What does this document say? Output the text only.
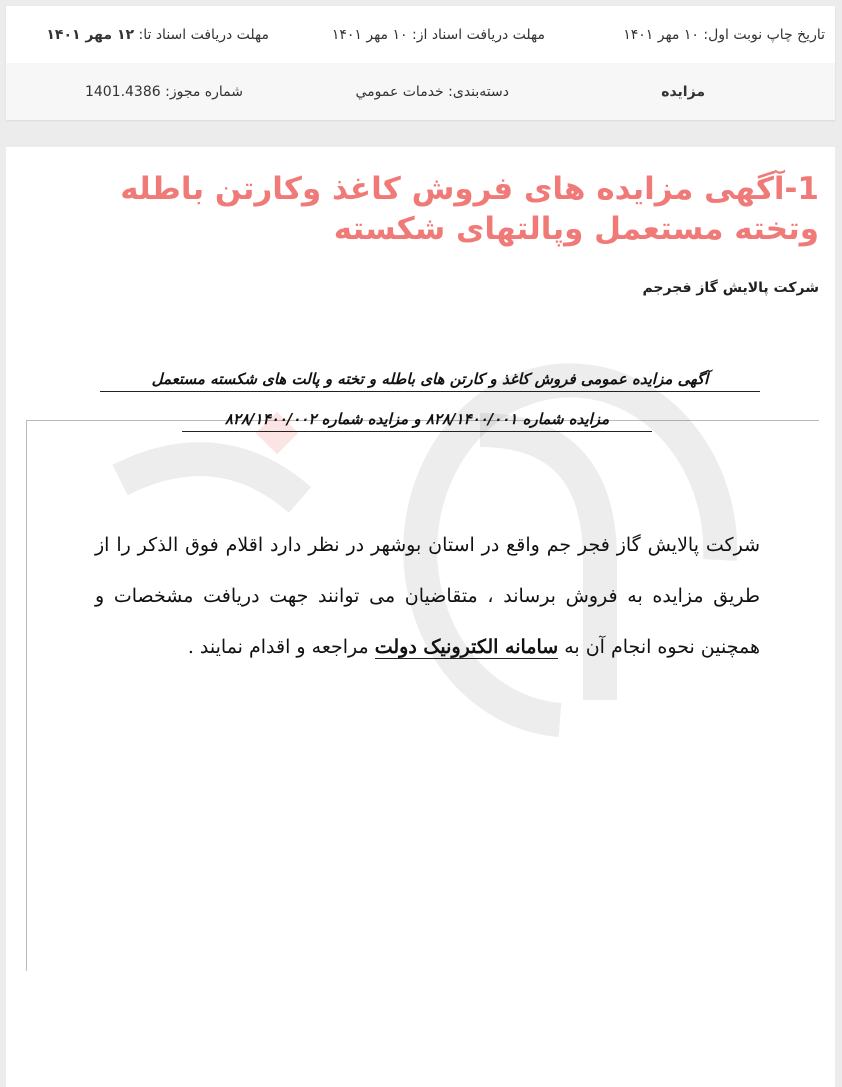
تاریخ چاپ نوبت اول: ۱۰ مهر ۱۴۰۱
مهلت دریافت اسناد از: ۱۰ مهر ۱۴۰۱
مهلت دریافت اسناد تا: ۱۲ مهر ۱۴۰۱
مزایده
دسته‌بندی: خدمات عمومي
شماره مجوز: 1401.4386
1-آگهی مزایده های فروش کاغذ وکارتن باطله وتخته مستعمل وپالتهای شکسته
شرکت پالایش گاز فجرجم
آگهی مزایده عمومی فروش کاغذ و کارتن های باطله و تخته و پالت های شکسته مستعمل
مزایده شماره ۸۲۸/۱۴۰۰/۰۰۱ و مزایده شماره ۸۲۸/۱۴۰۰/۰۰۲
شرکت پالایش گاز فجر جم واقع در استان بوشهر در نظر دارد اقلام فوق الذکر را از طریق مزایده به فروش برساند ، متقاضیان می توانند جهت دریافت مشخصات و همچنین نحوه انجام آن به سامانه الکترونیک دولت مراجعه و اقدام نمایند .
